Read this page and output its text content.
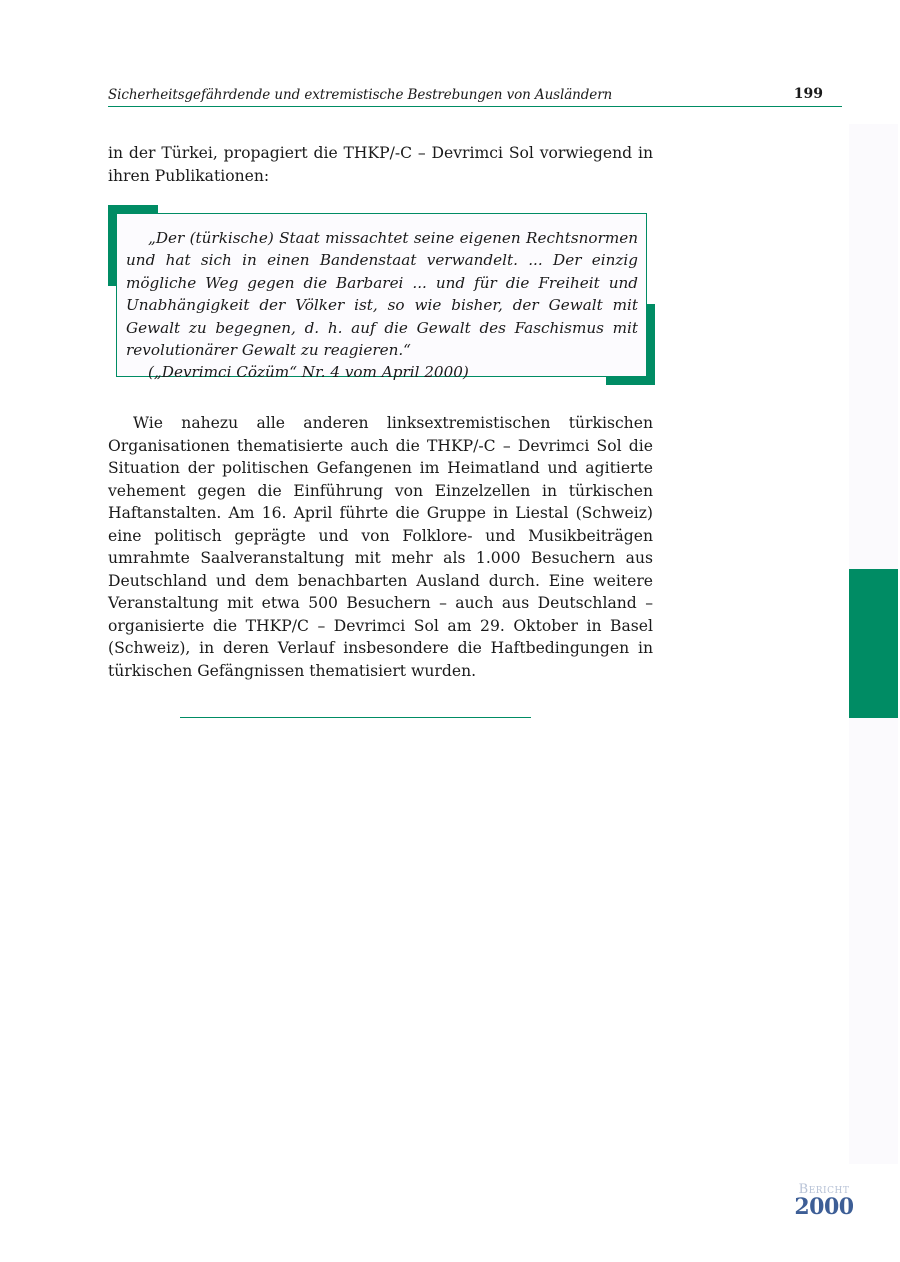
Sicherheitsgefährdende und extremistische Bestrebungen von Ausländern	199

in der Türkei, propagiert die THKP/-C – Devrimci Sol vorwiegend in ihren Publikationen:

„Der (türkische) Staat missachtet seine eigenen Rechtsnormen und hat sich in einen Bandenstaat verwandelt. ... Der einzig mögliche Weg gegen die Barbarei ... und für die Freiheit und Unabhängigkeit der Völker ist, so wie bisher, der Gewalt mit Gewalt zu begegnen, d. h. auf die Gewalt des Faschismus mit revolutionärer Gewalt zu reagieren.“

(„Devrimci Cözüm“ Nr. 4 vom April 2000)

Wie nahezu alle anderen linksextremistischen türkischen Organisationen thematisierte auch die THKP/-C – Devrimci Sol die Situation der politischen Gefangenen im Heimatland und agitierte vehement gegen die Einführung von Einzelzellen in türkischen Haftanstalten. Am 16. April führte die Gruppe in Liestal (Schweiz) eine politisch geprägte und von Folklore- und Musikbeiträgen umrahmte Saalveranstaltung mit mehr als 1.000 Besuchern aus Deutschland und dem benachbarten Ausland durch. Eine weitere Veranstaltung mit etwa 500 Besuchern – auch aus Deutschland – organisierte die THKP/C – Devrimci Sol am 29. Oktober in Basel (Schweiz), in deren Verlauf insbesondere die Haftbedingungen in türkischen Gefängnissen thematisiert wurden.

Bericht
2000
